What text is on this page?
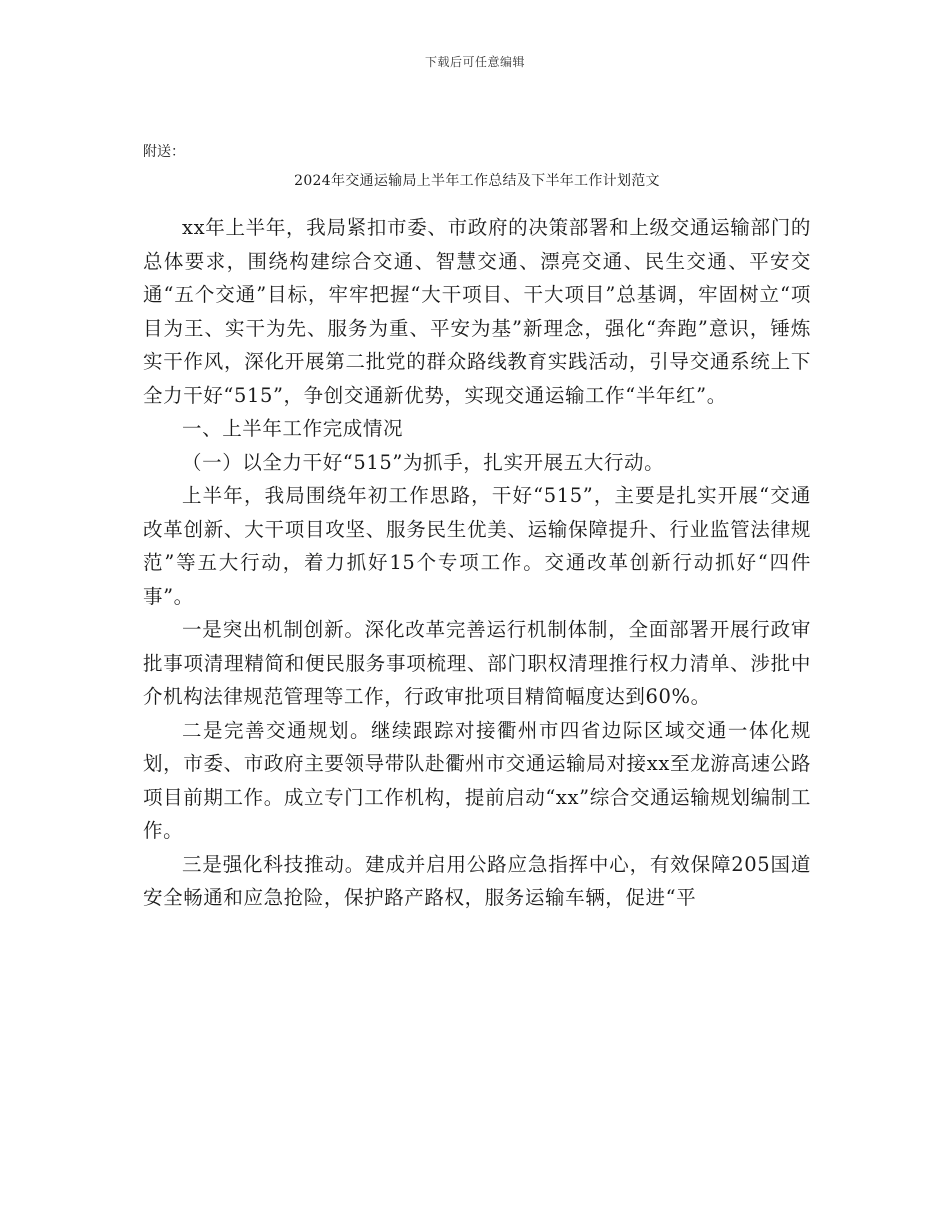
下载后可任意编辑

附送：

2024年交通运输局上半年工作总结及下半年工作计划范文

xx年上半年，我局紧扣市委、市政府的决策部署和上级交通运输部门的总体要求，围绕构建综合交通、智慧交通、漂亮交通、民生交通、平安交通“五个交通”目标，牢牢把握“大干项目、干大项目”总基调，牢固树立“项目为王、实干为先、服务为重、平安为基”新理念，强化“奔跑”意识，锤炼实干作风，深化开展第二批党的群众路线教育实践活动，引导交通系统上下全力干好“515”，争创交通新优势，实现交通运输工作“半年红”。

一、上半年工作完成情况

（一）以全力干好“515”为抓手，扎实开展五大行动。

上半年，我局围绕年初工作思路，干好“515”，主要是扎实开展“交通改革创新、大干项目攻坚、服务民生优美、运输保障提升、行业监管法律规范”等五大行动，着力抓好15个专项工作。交通改革创新行动抓好“四件事”。

一是突出机制创新。深化改革完善运行机制体制，全面部署开展行政审批事项清理精简和便民服务事项梳理、部门职权清理推行权力清单、涉批中介机构法律规范管理等工作，行政审批项目精简幅度达到60%。

二是完善交通规划。继续跟踪对接衢州市四省边际区域交通一体化规划，市委、市政府主要领导带队赴衢州市交通运输局对接xx至龙游高速公路项目前期工作。成立专门工作机构，提前启动“xx”综合交通运输规划编制工作。

三是强化科技推动。建成并启用公路应急指挥中心，有效保障205国道安全畅通和应急抢险，保护路产路权，服务运输车辆，促进“平
